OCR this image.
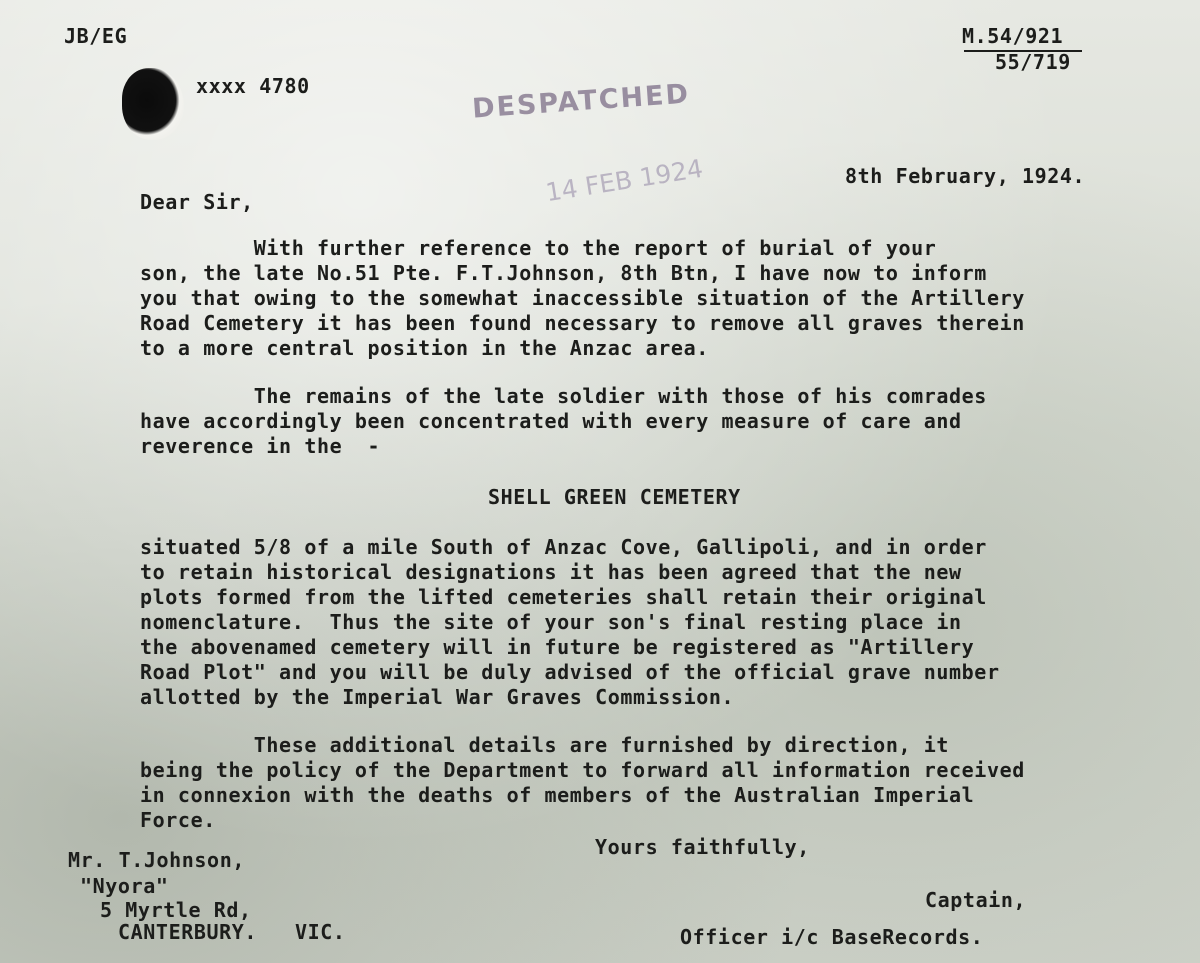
JB/EG	M.54/921

55/719

xxxx 4780	DESPATCHED
14 FEB 1924	8th February, 1924.

Dear Sir,

With further reference to the report of burial of your
son, the late No.51 Pte. F.T.Johnson, 8th Btn, I have now to inform
you that owing to the somewhat inaccessible situation of the Artillery
Road Cemetery it has been found necessary to remove all graves therein
to a more central position in the Anzac area.
The remains of the late soldier with those of his comrades
have accordingly been concentrated with every measure of care and
reverence in the  -

SHELL GREEN CEMETERY

situated 5/8 of a mile South of Anzac Cove, Gallipoli, and in order
to retain historical designations it has been agreed that the new
plots formed from the lifted cemeteries shall retain their original
nomenclature.  Thus the site of your son's final resting place in
the abovenamed cemetery will in future be registered as "Artillery
Road Plot" and you will be duly advised of the official grave number
allotted by the Imperial War Graves Commission.
These additional details are furnished by direction, it
being the policy of the Department to forward all information received
in connexion with the deaths of members of the Australian Imperial
Force.

Yours faithfully,

Mr. T.Johnson,

"Nyora"

5 Myrtle Rd,

CANTERBURY.   VIC.

Captain,

Officer i/c BaseRecords.
